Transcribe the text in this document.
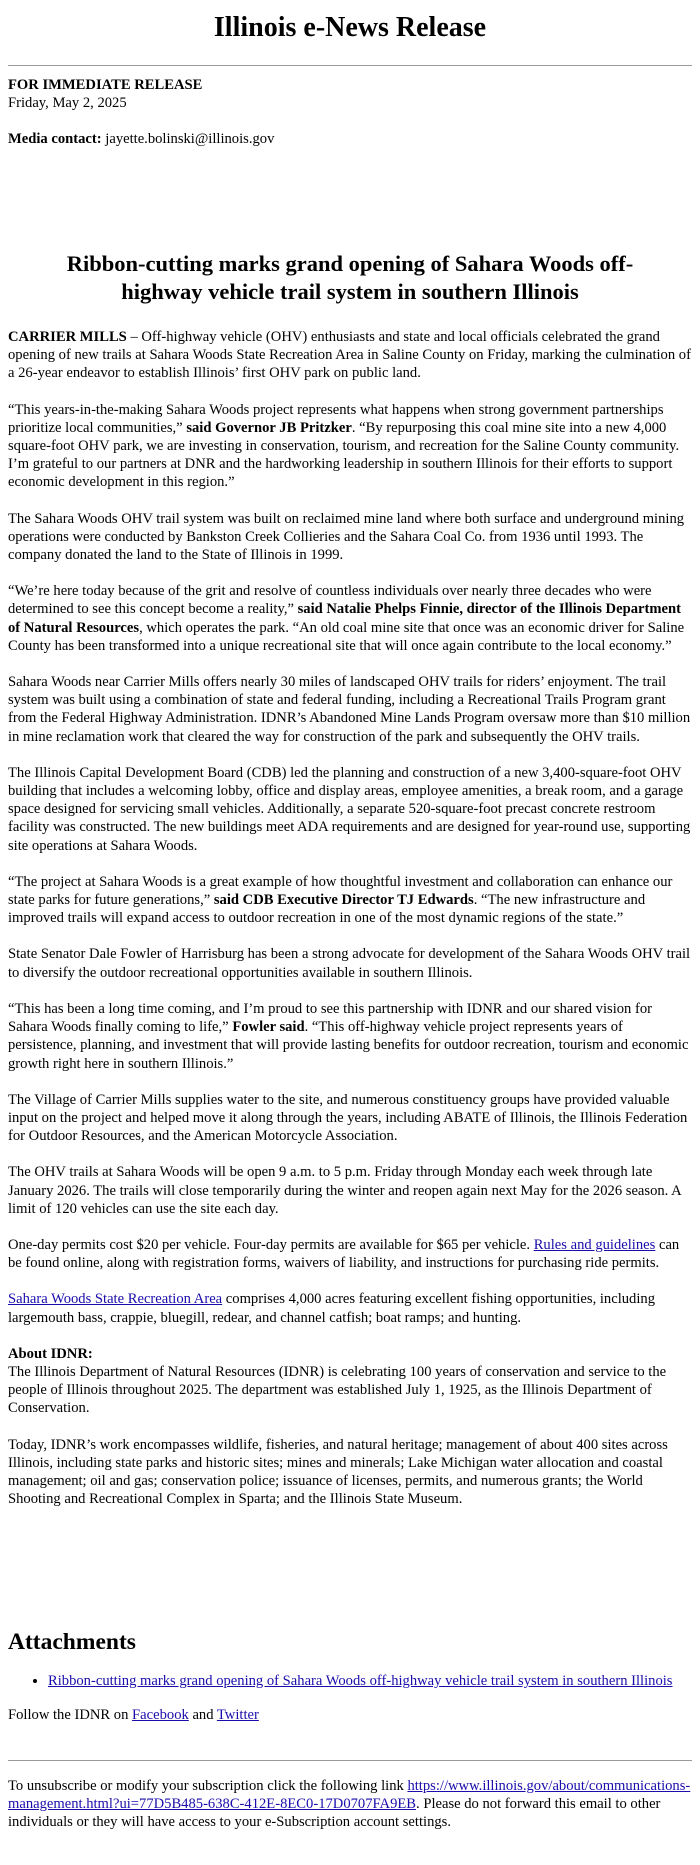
Illinois e-News Release

FOR IMMEDIATE RELEASE
Friday, May 2, 2025

Media contact: jayette.bolinski@illinois.gov

Ribbon-cutting marks grand opening of Sahara Woods off-highway vehicle trail system in southern Illinois

CARRIER MILLS – Off-highway vehicle (OHV) enthusiasts and state and local officials celebrated the grand opening of new trails at Sahara Woods State Recreation Area in Saline County on Friday, marking the culmination of a 26-year endeavor to establish Illinois’ first OHV park on public land.

“This years-in-the-making Sahara Woods project represents what happens when strong government partnerships prioritize local communities,” said Governor JB Pritzker. “By repurposing this coal mine site into a new 4,000 square-foot OHV park, we are investing in conservation, tourism, and recreation for the Saline County community. I’m grateful to our partners at DNR and the hardworking leadership in southern Illinois for their efforts to support economic development in this region.”

The Sahara Woods OHV trail system was built on reclaimed mine land where both surface and underground mining operations were conducted by Bankston Creek Collieries and the Sahara Coal Co. from 1936 until 1993. The company donated the land to the State of Illinois in 1999.

“We’re here today because of the grit and resolve of countless individuals over nearly three decades who were determined to see this concept become a reality,” said Natalie Phelps Finnie, director of the Illinois Department of Natural Resources, which operates the park. “An old coal mine site that once was an economic driver for Saline County has been transformed into a unique recreational site that will once again contribute to the local economy.”

Sahara Woods near Carrier Mills offers nearly 30 miles of landscaped OHV trails for riders’ enjoyment. The trail system was built using a combination of state and federal funding, including a Recreational Trails Program grant from the Federal Highway Administration. IDNR’s Abandoned Mine Lands Program oversaw more than $10 million in mine reclamation work that cleared the way for construction of the park and subsequently the OHV trails.

The Illinois Capital Development Board (CDB) led the planning and construction of a new 3,400-square-foot OHV building that includes a welcoming lobby, office and display areas, employee amenities, a break room, and a garage space designed for servicing small vehicles. Additionally, a separate 520-square-foot precast concrete restroom facility was constructed. The new buildings meet ADA requirements and are designed for year-round use, supporting site operations at Sahara Woods.

“The project at Sahara Woods is a great example of how thoughtful investment and collaboration can enhance our state parks for future generations,” said CDB Executive Director TJ Edwards. “The new infrastructure and improved trails will expand access to outdoor recreation in one of the most dynamic regions of the state.”

State Senator Dale Fowler of Harrisburg has been a strong advocate for development of the Sahara Woods OHV trail to diversify the outdoor recreational opportunities available in southern Illinois.

“This has been a long time coming, and I’m proud to see this partnership with IDNR and our shared vision for Sahara Woods finally coming to life,” Fowler said. “This off-highway vehicle project represents years of persistence, planning, and investment that will provide lasting benefits for outdoor recreation, tourism and economic growth right here in southern Illinois.”

The Village of Carrier Mills supplies water to the site, and numerous constituency groups have provided valuable input on the project and helped move it along through the years, including ABATE of Illinois, the Illinois Federation for Outdoor Resources, and the American Motorcycle Association.

The OHV trails at Sahara Woods will be open 9 a.m. to 5 p.m. Friday through Monday each week through late January 2026. The trails will close temporarily during the winter and reopen again next May for the 2026 season. A limit of 120 vehicles can use the site each day.

One-day permits cost $20 per vehicle. Four-day permits are available for $65 per vehicle. Rules and guidelines can be found online, along with registration forms, waivers of liability, and instructions for purchasing ride permits.

Sahara Woods State Recreation Area comprises 4,000 acres featuring excellent fishing opportunities, including largemouth bass, crappie, bluegill, redear, and channel catfish; boat ramps; and hunting.

About IDNR:
The Illinois Department of Natural Resources (IDNR) is celebrating 100 years of conservation and service to the people of Illinois throughout 2025. The department was established July 1, 1925, as the Illinois Department of Conservation.

Today, IDNR’s work encompasses wildlife, fisheries, and natural heritage; management of about 400 sites across Illinois, including state parks and historic sites; mines and minerals; Lake Michigan water allocation and coastal management; oil and gas; conservation police; issuance of licenses, permits, and numerous grants; the World Shooting and Recreational Complex in Sparta; and the Illinois State Museum.

Attachments
• Ribbon-cutting marks grand opening of Sahara Woods off-highway vehicle trail system in southern Illinois

Follow the IDNR on Facebook and Twitter

To unsubscribe or modify your subscription click the following link https://www.illinois.gov/about/communications-management.html?ui=77D5B485-638C-412E-8EC0-17D0707FA9EB. Please do not forward this email to other individuals or they will have access to your e-Subscription account settings.
